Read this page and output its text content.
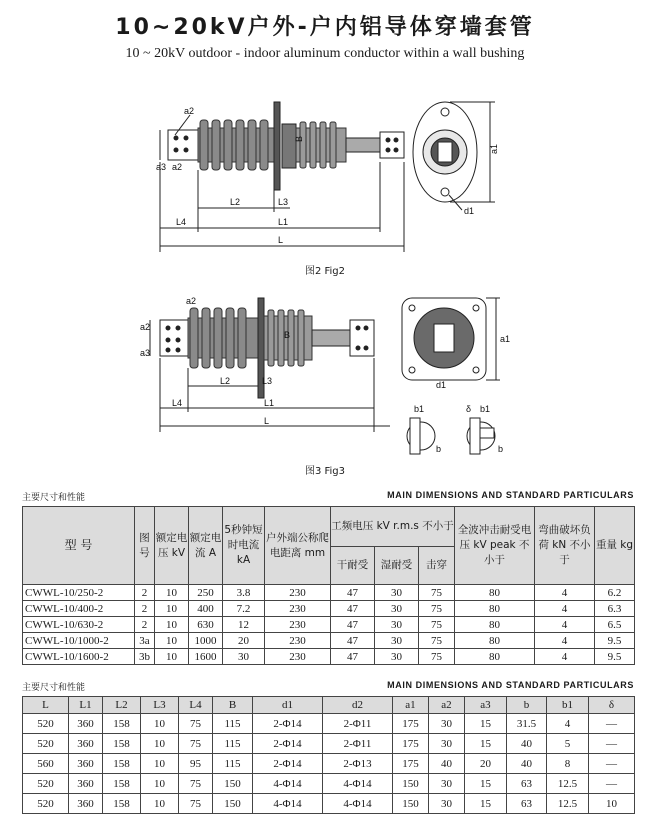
10~20kV户外-户内铝导体穿墙套管
10 ~ 20kV outdoor - indoor aluminum conductor within a wall bushing
a2
a3 a2
B
L2	L3
L4	L1
L
a1
d1
图2 Fig2
a2
a2
a3
B
L2	L3
L4	L1
L
a1
d1
b1	δ b1
b	b
图3 Fig3
主要尺寸和性能	MAIN DIMENSIONS AND STANDARD PARTICULARS
型 号	图号	额定电压 kV	额定电流 A	5秒钟短时电流 kA	户外端公称爬电距离 mm	工频电压 kV r.m.s 不小于			全波冲击耐受电压 kV peak 不小于	弯曲破坏负荷 kN 不小于	重量 kg
						干耐受	湿耐受	击穿			
CWWL-10/250-2	2	10	250	3.8	230	47	30	75	80	4	6.2
CWWL-10/400-2	2	10	400	7.2	230	47	30	75	80	4	6.3
CWWL-10/630-2	2	10	630	12	230	47	30	75	80	4	6.5
CWWL-10/1000-2	3a	10	1000	20	230	47	30	75	80	4	9.5
CWWL-10/1600-2	3b	10	1600	30	230	47	30	75	80	4	9.5
主要尺寸和性能	MAIN DIMENSIONS AND STANDARD PARTICULARS
L	L1	L2	L3	L4	B	d1	d2	a1	a2	a3	b	b1	δ
520	360	158	10	75	115	2-Φ14	2-Φ11	175	30	15	31.5	4	—
520	360	158	10	75	115	2-Φ14	2-Φ11	175	30	15	40	5	—
560	360	158	10	95	115	2-Φ14	2-Φ13	175	40	20	40	8	—
520	360	158	10	75	150	4-Φ14	4-Φ14	150	30	15	63	12.5	—
520	360	158	10	75	150	4-Φ14	4-Φ14	150	30	15	63	12.5	10
